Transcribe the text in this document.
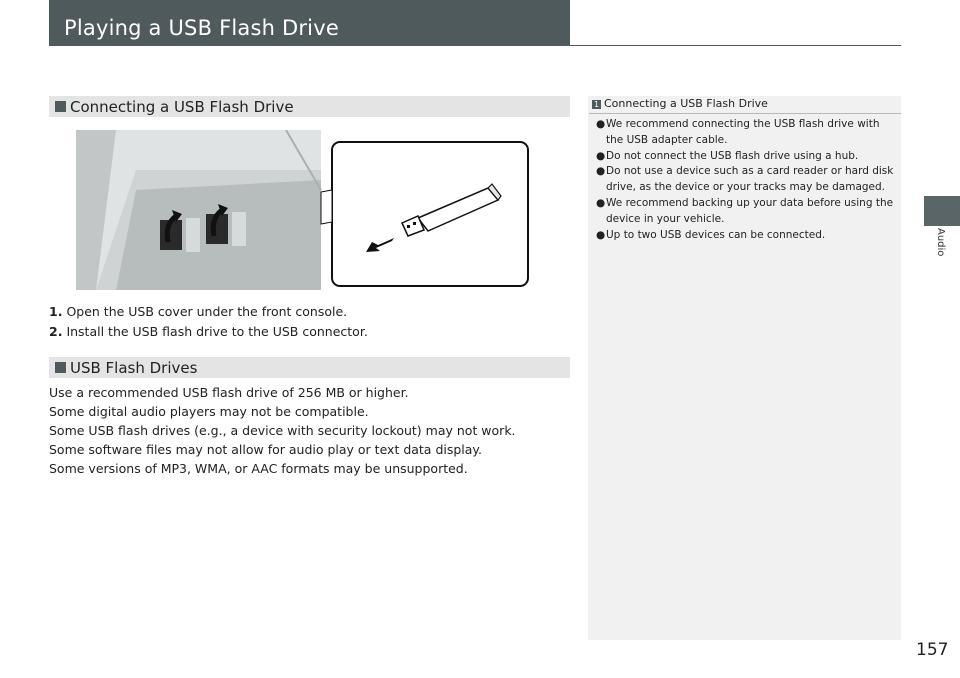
Playing a USB Flash Drive
Audio
Connecting a USB Flash Drive
1. Open the USB cover under the front console.
2. Install the USB flash drive to the USB connector.
USB Flash Drives
Use a recommended USB flash drive of 256 MB or higher.
Some digital audio players may not be compatible.
Some USB flash drives (e.g., a device with security lockout) may not work.
Some software files may not allow for audio play or text data display.
Some versions of MP3, WMA, or AAC formats may be unsupported.
1 Connecting a USB Flash Drive
● We recommend connecting the USB flash drive with the USB adapter cable.
● Do not connect the USB flash drive using a hub.
● Do not use a device such as a card reader or hard disk drive, as the device or your tracks may be damaged.
● We recommend backing up your data before using the device in your vehicle.
● Up to two USB devices can be connected.
157
